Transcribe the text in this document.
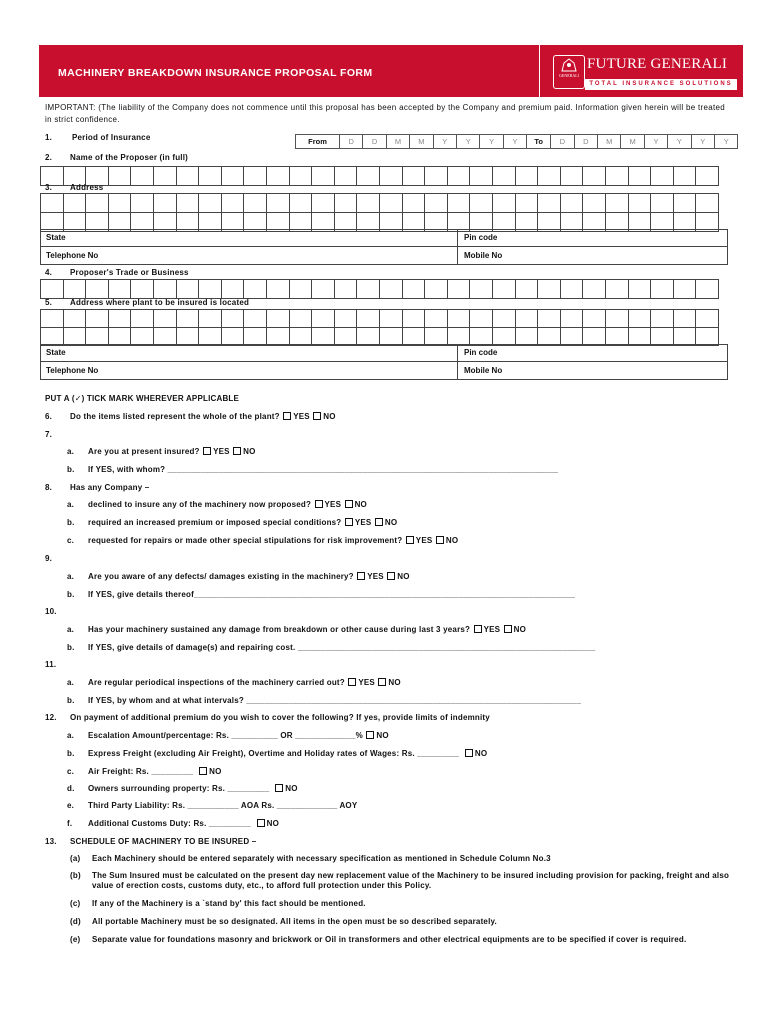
MACHINERY BREAKDOWN INSURANCE PROPOSAL FORM	GENERALI
FUTURE GENERALI
TOTAL INSURANCE SOLUTIONS
IMPORTANT: (The liability of the Company does not commence until this proposal has been accepted by the Company and premium paid. Information given herein will be treated in strict confidence.
1. Period of Insurance	From	D	D	M	M	Y	Y	Y	Y	To	D	D	M	M	Y	Y	Y	Y
2. Name of the Proposer (in full)
3. Address
State	Pin code
Telephone No	Mobile No
4. Proposer's Trade or Business
5. Address where plant to be insured is located
State	Pin code
Telephone No	Mobile No
PUT A (✓) TICK MARK WHEREVER APPLICABLE
6. Do the items listed represent the whole of the plant? YES NO
7.
a. Are you at present insured? YES NO
b. If YES, with whom? ____________________________________________________________________________________
8. Has any Company –
a. declined to insure any of the machinery now proposed? YES NO
b. required an increased premium or imposed special conditions? YES NO
c. requested for repairs or made other special stipulations for risk improvement? YES NO
9.
a. Are you aware of any defects/ damages existing in the machinery? YES NO
b. If YES, give details thereof__________________________________________________________________________________
10.
a. Has your machinery sustained any damage from breakdown or other cause during last 3 years? YES NO
b. If YES, give details of damage(s) and repairing cost. ________________________________________________________________
11.
a. Are regular periodical inspections of the machinery carried out? YES NO
b. If YES, by whom and at what intervals? ________________________________________________________________________
12. On payment of additional premium do you wish to cover the following? If yes, provide limits of indemnity
a. Escalation Amount/percentage: Rs. __________ OR _____________% NO
b. Express Freight (excluding Air Freight), Overtime and Holiday rates of Wages: Rs. _________ NO
c. Air Freight: Rs. _________ NO
d. Owners surrounding property: Rs. _________ NO
e. Third Party Liability: Rs. ___________ AOA Rs. _____________ AOY
f. Additional Customs Duty: Rs. _________ NO
13. SCHEDULE OF MACHINERY TO BE INSURED –
(a) Each Machinery should be entered separately with necessary specification as mentioned in Schedule Column No.3
(b) The Sum Insured must be calculated on the present day new replacement value of the Machinery to be insured including provision for packing, freight and also value of erection costs, customs duty, etc., to afford full protection under this Policy.
(c) If any of the Machinery is a `stand by' this fact should be mentioned.
(d) All portable Machinery must be so designated. All items in the open must be so described separately.
(e) Separate value for foundations masonry and brickwork or Oil in transformers and other electrical equipments are to be specified if cover is required.
